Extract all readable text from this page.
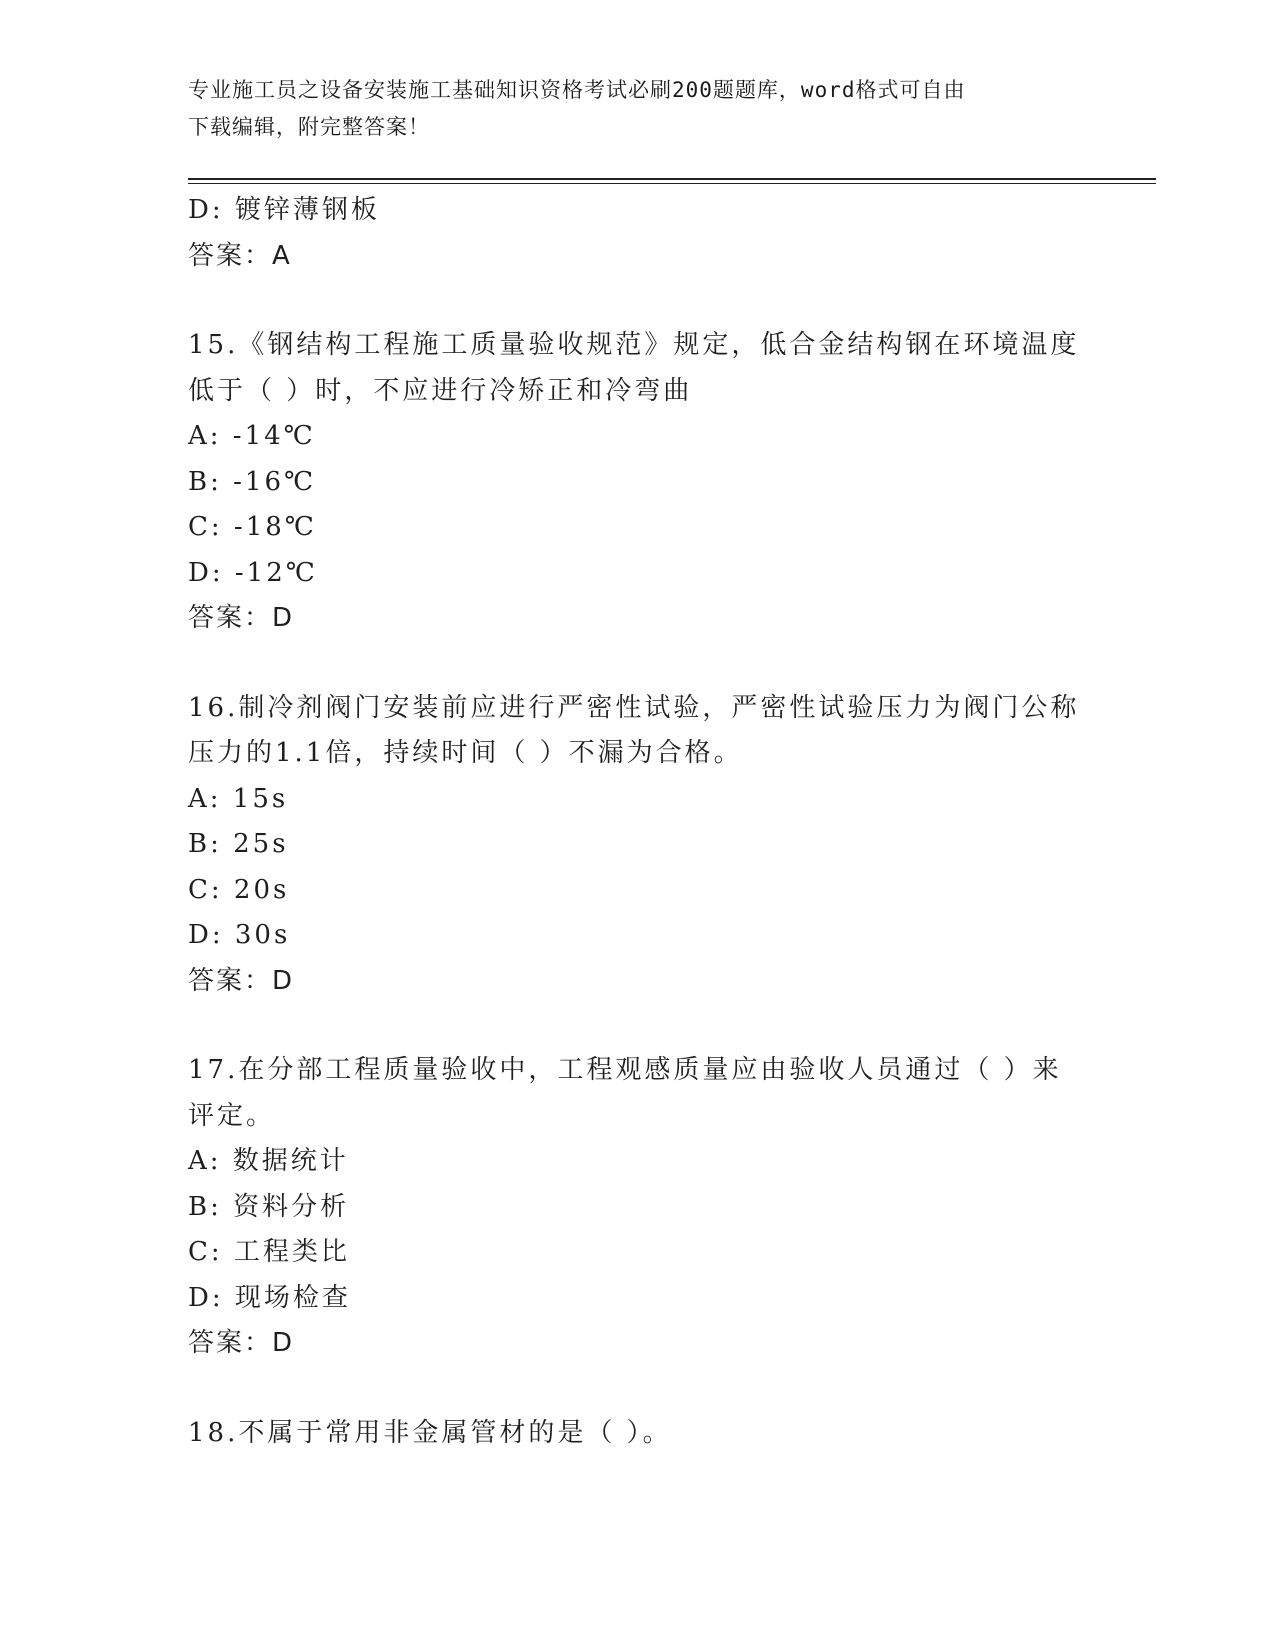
专业施工员之设备安装施工基础知识资格考试必刷200题题库，word格式可自由
下载编辑，附完整答案！
D: 镀锌薄钢板
答案：A
15.《钢结构工程施工质量验收规范》规定，低合金结构钢在环境温度
低于（ ）时，不应进行冷矫正和冷弯曲
A: -14℃
B: -16℃
C: -18℃
D: -12℃
答案：D
16.制冷剂阀门安装前应进行严密性试验，严密性试验压力为阀门公称
压力的1.1倍，持续时间（ ）不漏为合格。
A: 15s
B: 25s
C: 20s
D: 30s
答案：D
17.在分部工程质量验收中，工程观感质量应由验收人员通过（ ）来
评定。
A: 数据统计
B: 资料分析
C: 工程类比
D: 现场检查
答案：D
18.不属于常用非金属管材的是（ ）。
